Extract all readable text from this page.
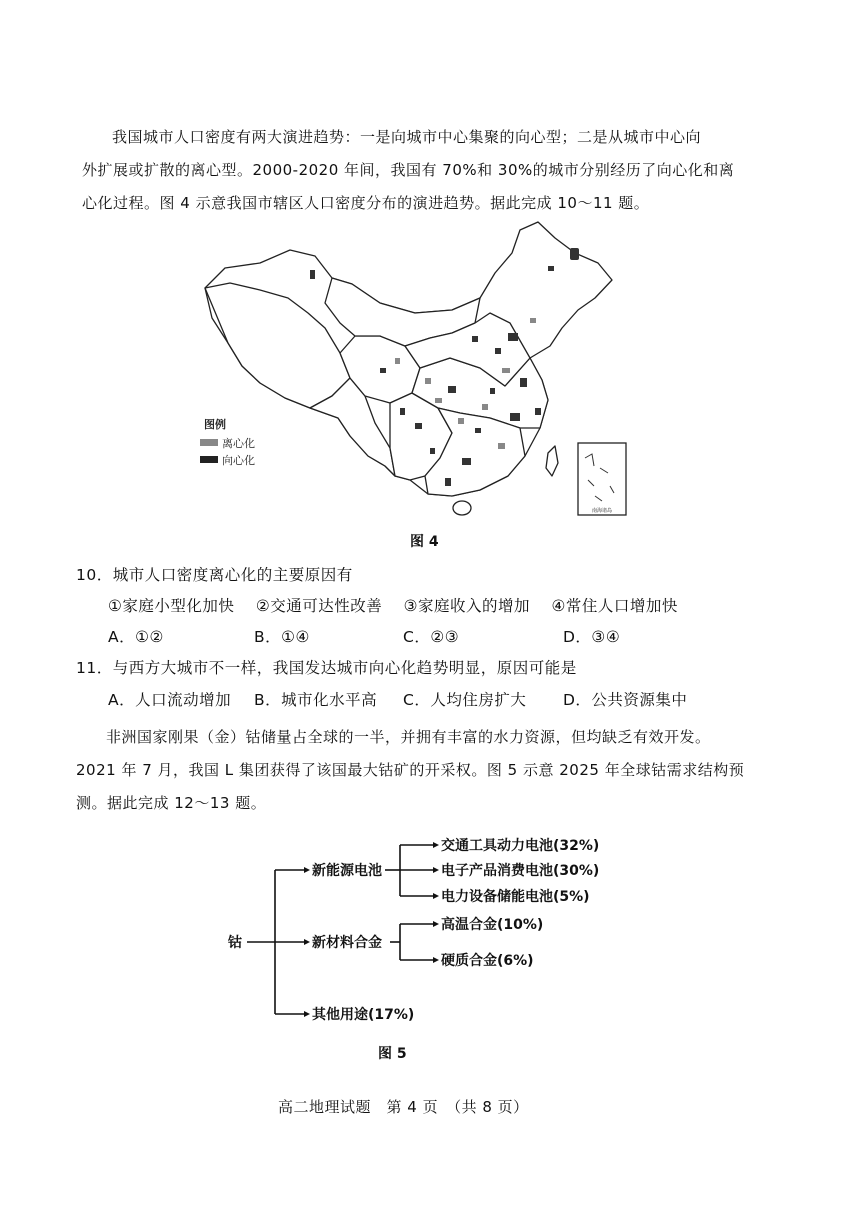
我国城市人口密度有两大演进趋势：一是向城市中心集聚的向心型；二是从城市中心向
外扩展或扩散的离心型。2000-2020 年间，我国有 70%和 30%的城市分别经历了向心化和离
心化过程。图 4 示意我国市辖区人口密度分布的演进趋势。据此完成 10～11 题。
图例
离心化
向心化
南海诸岛
图 4
10．城市人口密度离心化的主要原因有
①家庭小型化加快　 ②交通可达性改善　 ③家庭收入的增加　 ④常住人口增加快
A．①②	B．①④	C．②③	D．③④
11．与西方大城市不一样，我国发达城市向心化趋势明显，原因可能是
A．人口流动增加 B．城市化水平高 C．人均住房扩大 D．公共资源集中
非洲国家刚果（金）钴储量占全球的一半，并拥有丰富的水力资源，但均缺乏有效开发。
2021 年 7 月，我国 L 集团获得了该国最大钴矿的开采权。图 5 示意 2025 年全球钴需求结构预
测。据此完成 12～13 题。
钴
新能源电池
新材料合金
其他用途(17%)
交通工具动力电池(32%)
电子产品消费电池(30%)
电力设备储能电池(5%)
高温合金(10%)
硬质合金(6%)
图 5
高二地理试题　第 4 页　（共 8 页）
